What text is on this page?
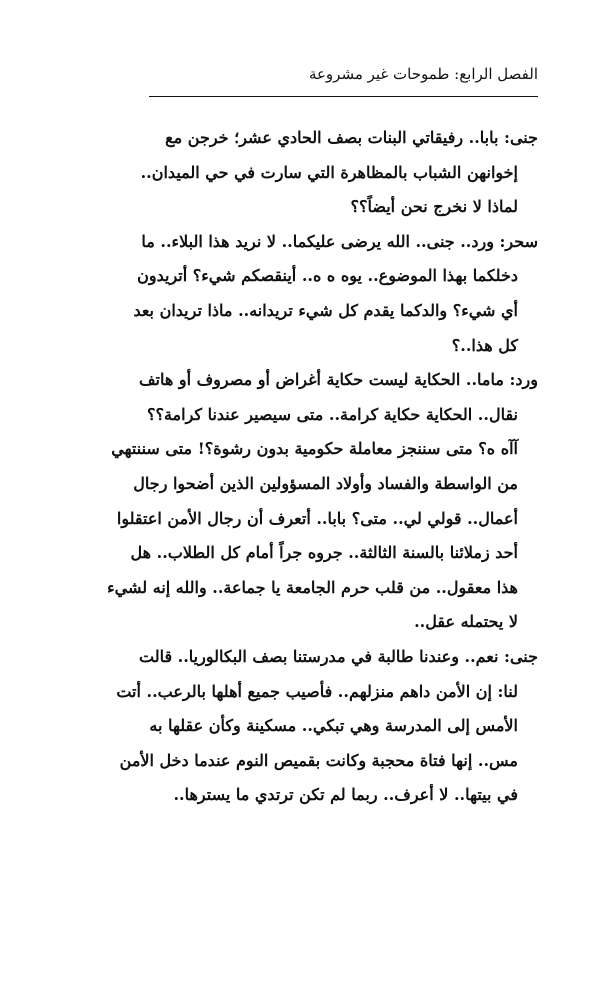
الفصل الرابع: طموحات غير مشروعة
جنى: بابا.. رفيقاتي البنات بصف الحادي عشر؛ خرجن مع
إخوانهن الشباب بالمظاهرة التي سارت في حي الميدان..
لماذا لا نخرج نحن أيضاً؟؟
سحر: ورد.. جنى.. الله يرضى عليكما.. لا نريد هذا البلاء.. ما
دخلكما بهذا الموضوع.. يوه ه ه.. أينقصكم شيء؟ أتريدون
أي شيء؟ والدكما يقدم كل شيء تريدانه.. ماذا تريدان بعد
كل هذا..؟
ورد: ماما.. الحكاية ليست حكاية أغراض أو مصروف أو هاتف
نقال.. الحكاية حكاية كرامة.. متى سيصير عندنا كرامة؟؟
آآه ه؟ متى سننجز معاملة حكومية بدون رشوة؟! متى سننتهي
من الواسطة والفساد وأولاد المسؤولين الذين أضحوا رجال
أعمال.. قولي لي.. متى؟ بابا.. أتعرف أن رجال الأمن اعتقلوا
أحد زملائنا بالسنة الثالثة.. جروه جراً أمام كل الطلاب.. هل
هذا معقول.. من قلب حرم الجامعة يا جماعة.. والله إنه لشيء
لا يحتمله عقل..
جنى: نعم.. وعندنا طالبة في مدرستنا بصف البكالوريا.. قالت
لنا: إن الأمن داهم منزلهم.. فأصيب جميع أهلها بالرعب.. أتت
الأمس إلى المدرسة وهي تبكي.. مسكينة وكأن عقلها به
مس.. إنها فتاة محجبة وكانت بقميص النوم عندما دخل الأمن
في بيتها.. لا أعرف.. ربما لم تكن ترتدي ما يسترها..
